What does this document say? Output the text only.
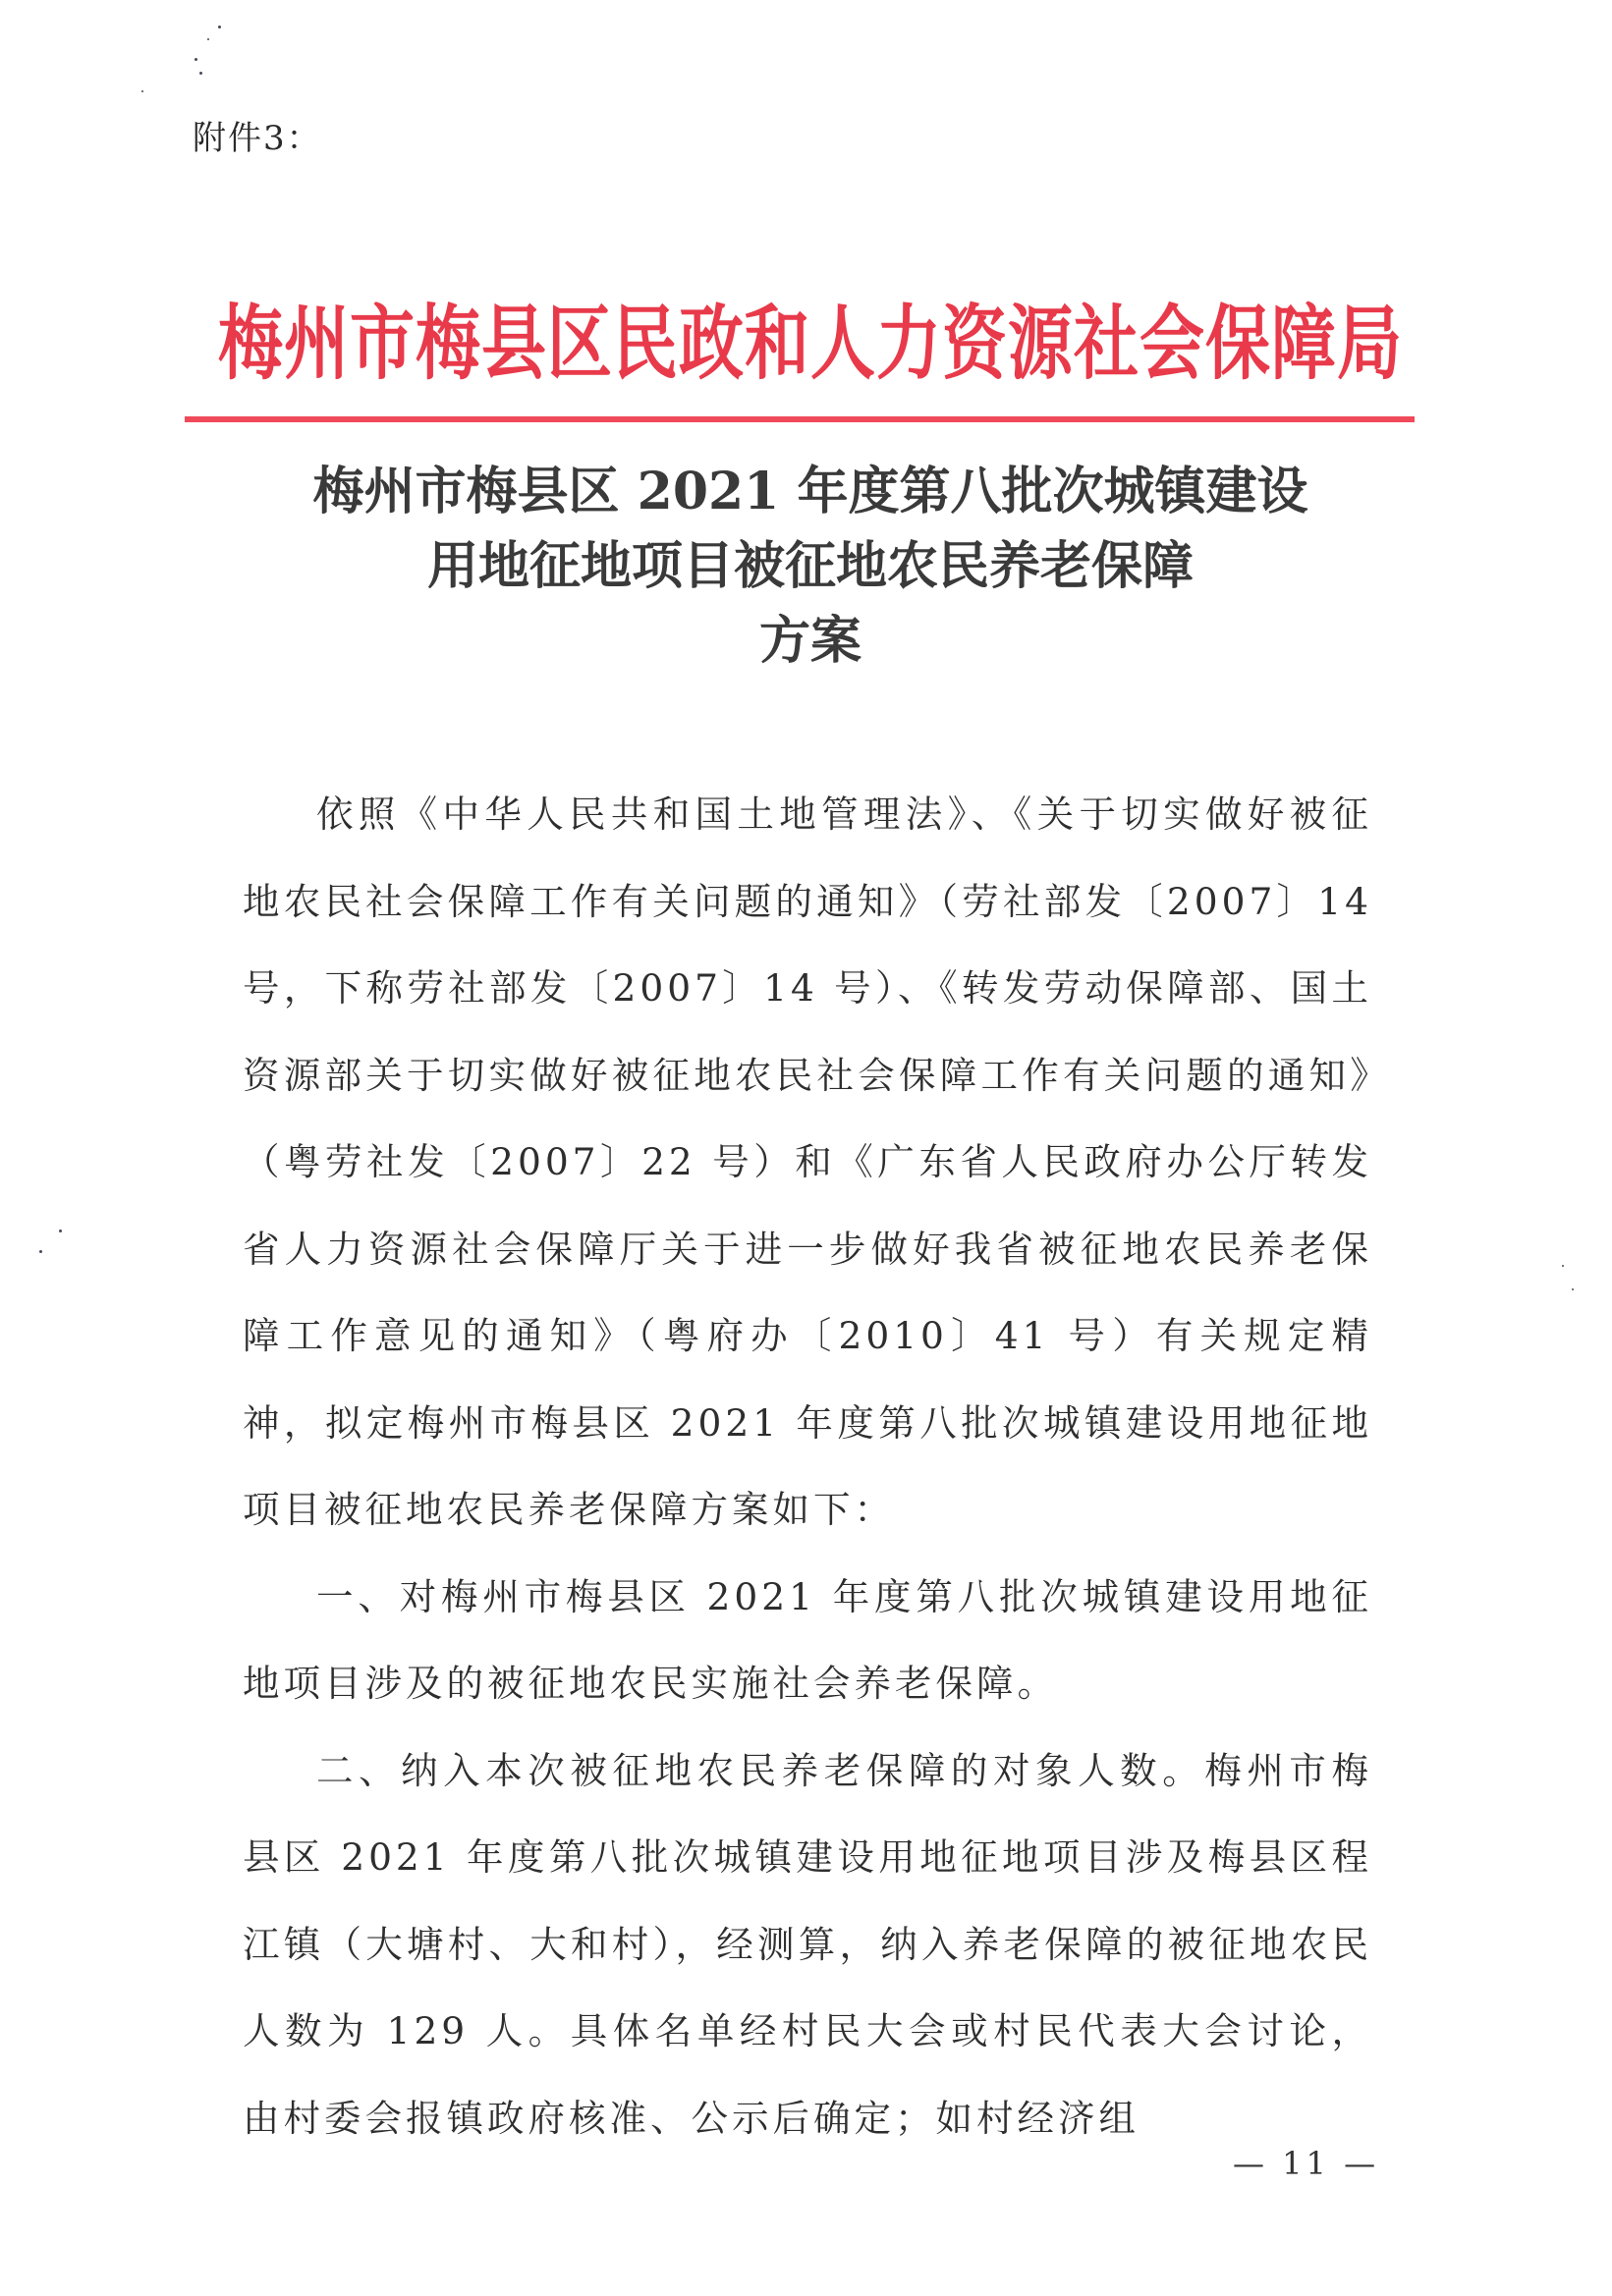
附件3：
梅州市梅县区民政和人力资源社会保障局
梅州市梅县区 2021 年度第八批次城镇建设
用地征地项目被征地农民养老保障
方案

依照《中华人民共和国土地管理法》、《关于切实做好被征地农民社会保障工作有关问题的通知》（劳社部发〔2007〕14 号，下称劳社部发〔2007〕14 号）、《转发劳动保障部、国土资源部关于切实做好被征地农民社会保障工作有关问题的通知》（粤劳社发〔2007〕22 号）和《广东省人民政府办公厅转发省人力资源社会保障厅关于进一步做好我省被征地农民养老保障工作意见的通知》（粤府办〔2010〕41 号）有关规定精神，拟定梅州市梅县区 2021 年度第八批次城镇建设用地征地项目被征地农民养老保障方案如下：

一、对梅州市梅县区 2021 年度第八批次城镇建设用地征地项目涉及的被征地农民实施社会养老保障。

二、纳入本次被征地农民养老保障的对象人数。梅州市梅县区 2021 年度第八批次城镇建设用地征地项目涉及梅县区程江镇（大塘村、大和村），经测算，纳入养老保障的被征地农民人数为 129 人。具体名单经村民大会或村民代表大会讨论，由村委会报镇政府核准、公示后确定；如村经济组

— 11 —
